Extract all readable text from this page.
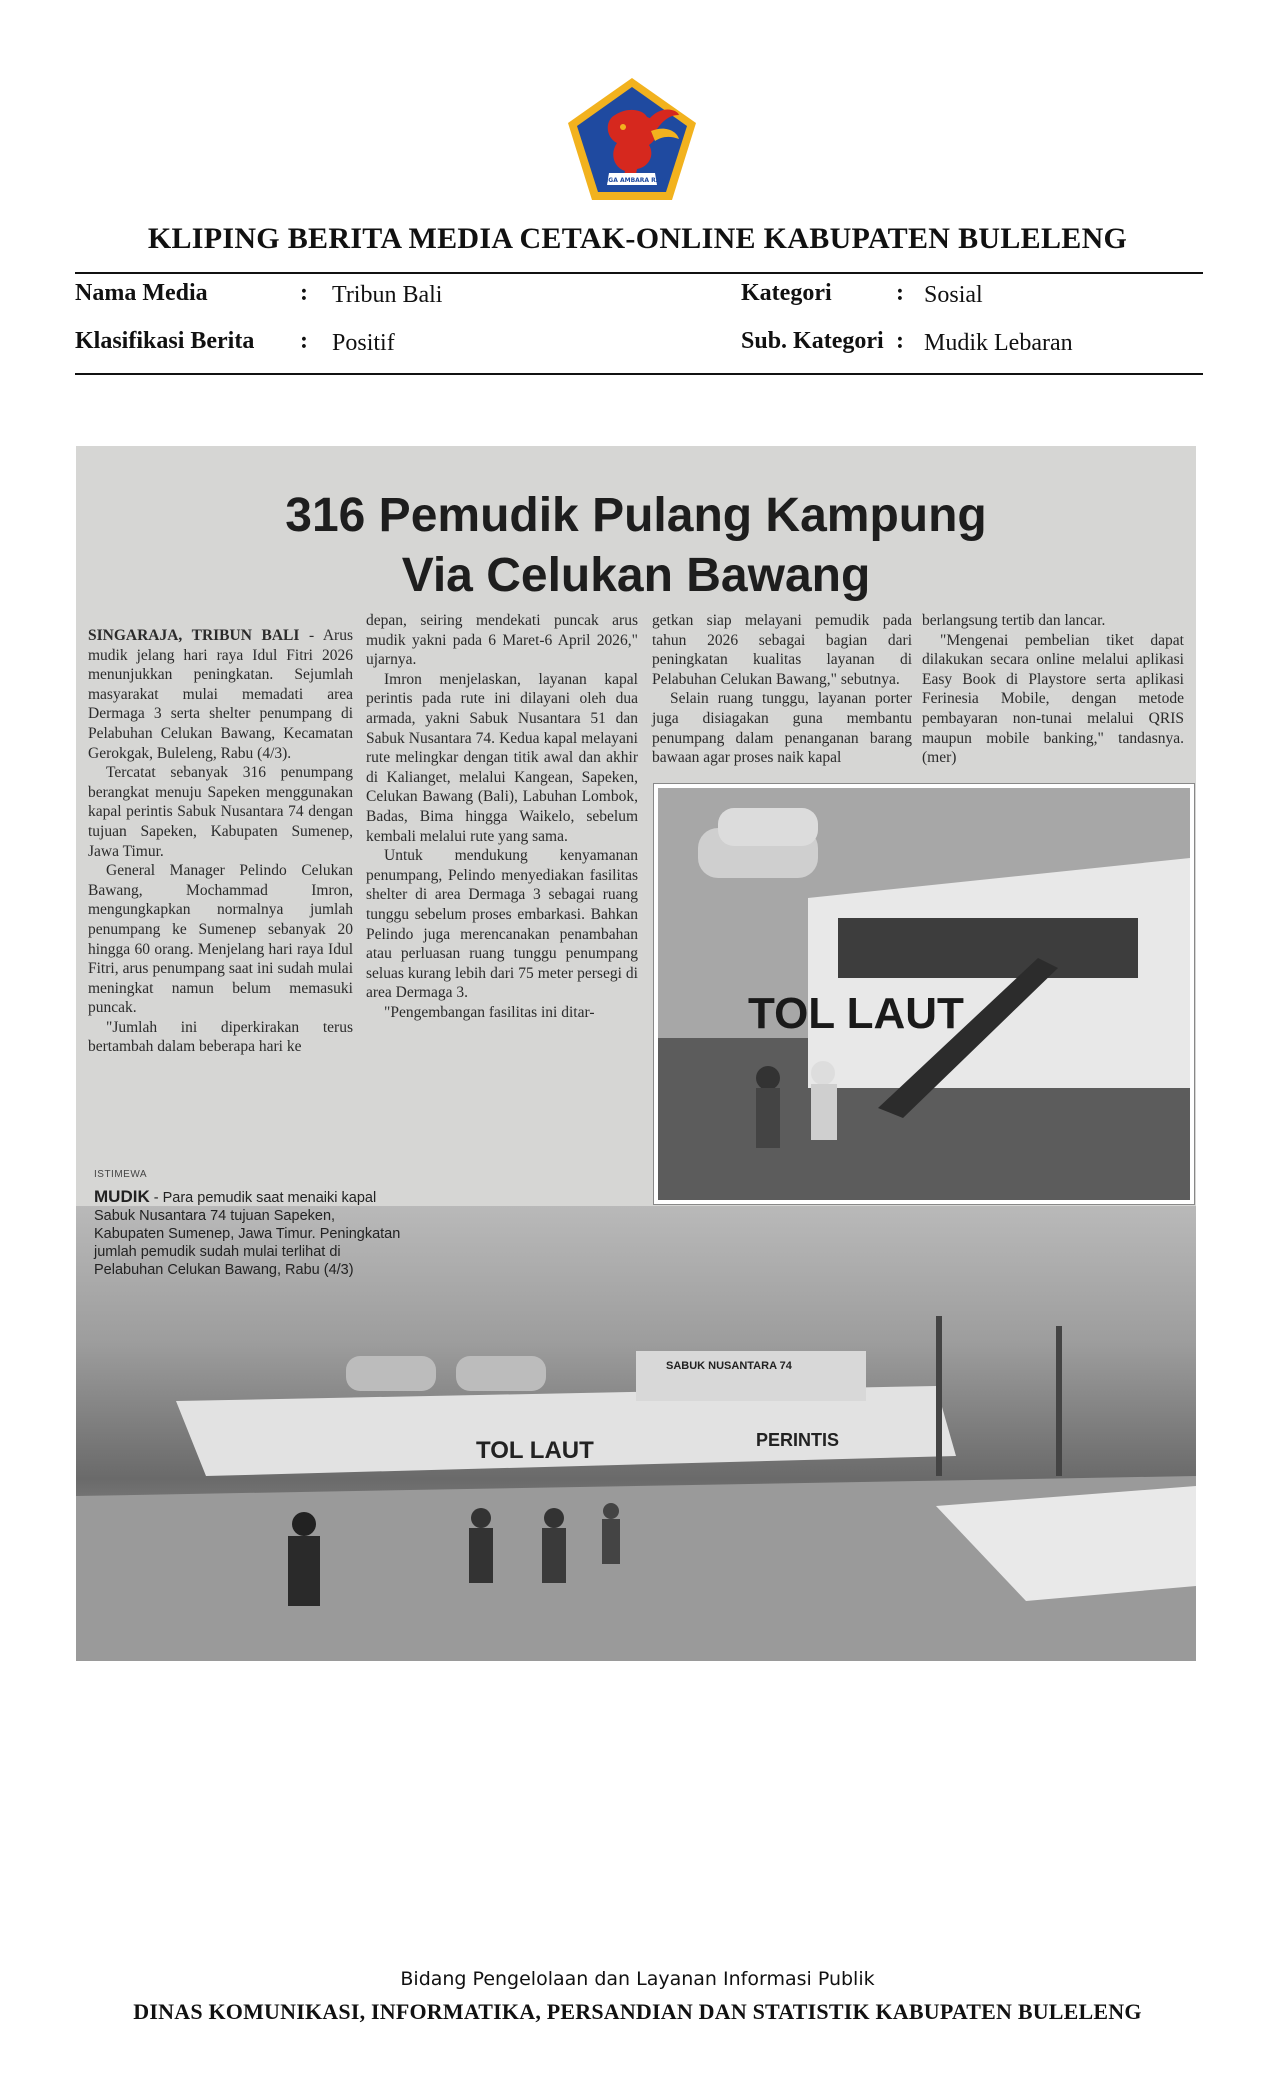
SINGA AMBARA RAJA
KLIPING BERITA MEDIA CETAK-ONLINE KABUPATEN BULELENG
Nama Media	: Tribun Bali
Klasifikasi Berita : Positif
Kategori	: Sosial
Sub. Kategori : Mudik Lebaran
316 Pemudik Pulang Kampung
Via Celukan Bawang

SINGARAJA, TRIBUN BALI - Arus mudik jelang hari raya Idul Fitri 2026 menunjukkan peningkatan. Sejumlah masyarakat mulai memadati area Dermaga 3 serta shelter penumpang di Pelabuhan Celukan Bawang, Kecamatan Gerokgak, Buleleng, Rabu (4/3).

Tercatat sebanyak 316 penumpang berangkat menuju Sapeken menggunakan kapal perintis Sabuk Nusantara 74 dengan tujuan Sapeken, Kabupaten Sumenep, Jawa Timur.

General Manager Pelindo Celukan Bawang, Mochammad Imron, mengungkapkan normalnya jumlah penumpang ke Sumenep sebanyak 20 hingga 60 orang. Menjelang hari raya Idul Fitri, arus penumpang saat ini sudah mulai meningkat namun belum memasuki puncak.

"Jumlah ini diperkirakan terus bertambah dalam beberapa hari ke

depan, seiring mendekati puncak arus mudik yakni pada 6 Maret-6 April 2026," ujarnya.

Imron menjelaskan, layanan kapal perintis pada rute ini dilayani oleh dua armada, yakni Sabuk Nusantara 51 dan Sabuk Nusantara 74. Kedua kapal melayani rute melingkar dengan titik awal dan akhir di Kalianget, melalui Kangean, Sapeken, Celukan Bawang (Bali), Labuhan Lombok, Badas, Bima hingga Waikelo, sebelum kembali melalui rute yang sama.

Untuk mendukung kenyamanan penumpang, Pelindo menyediakan fasilitas shelter di area Dermaga 3 sebagai ruang tunggu sebelum proses embarkasi. Bahkan Pelindo juga merencanakan penambahan atau perluasan ruang tunggu penumpang seluas kurang lebih dari 75 meter persegi di area Dermaga 3.

"Pengembangan fasilitas ini ditar-

getkan siap melayani pemudik pada tahun 2026 sebagai bagian dari peningkatan kualitas layanan di Pelabuhan Celukan Bawang," sebutnya.

Selain ruang tunggu, layanan porter juga disiagakan guna membantu penumpang dalam penanganan barang bawaan agar proses naik kapal

berlangsung tertib dan lancar.

"Mengenai pembelian tiket dapat dilakukan secara online melalui aplikasi Easy Book di Playstore serta aplikasi Ferinesia Mobile, dengan metode pembayaran non-tunai melalui QRIS maupun mobile banking," tandasnya. (mer)

TOL LAUT
SABUK NUSANTARA 74
PERINTIS
TOL LAUT
ISTIMEWA
MUDIK - Para pemudik saat menaiki kapal Sabuk Nusantara 74 tujuan Sapeken, Kabupaten Sumenep, Jawa Timur. Peningkatan jumlah pemudik sudah mulai terlihat di Pelabuhan Celukan Bawang, Rabu (4/3)
Bidang Pengelolaan dan Layanan Informasi Publik
DINAS KOMUNIKASI, INFORMATIKA, PERSANDIAN DAN STATISTIK KABUPATEN BULELENG
